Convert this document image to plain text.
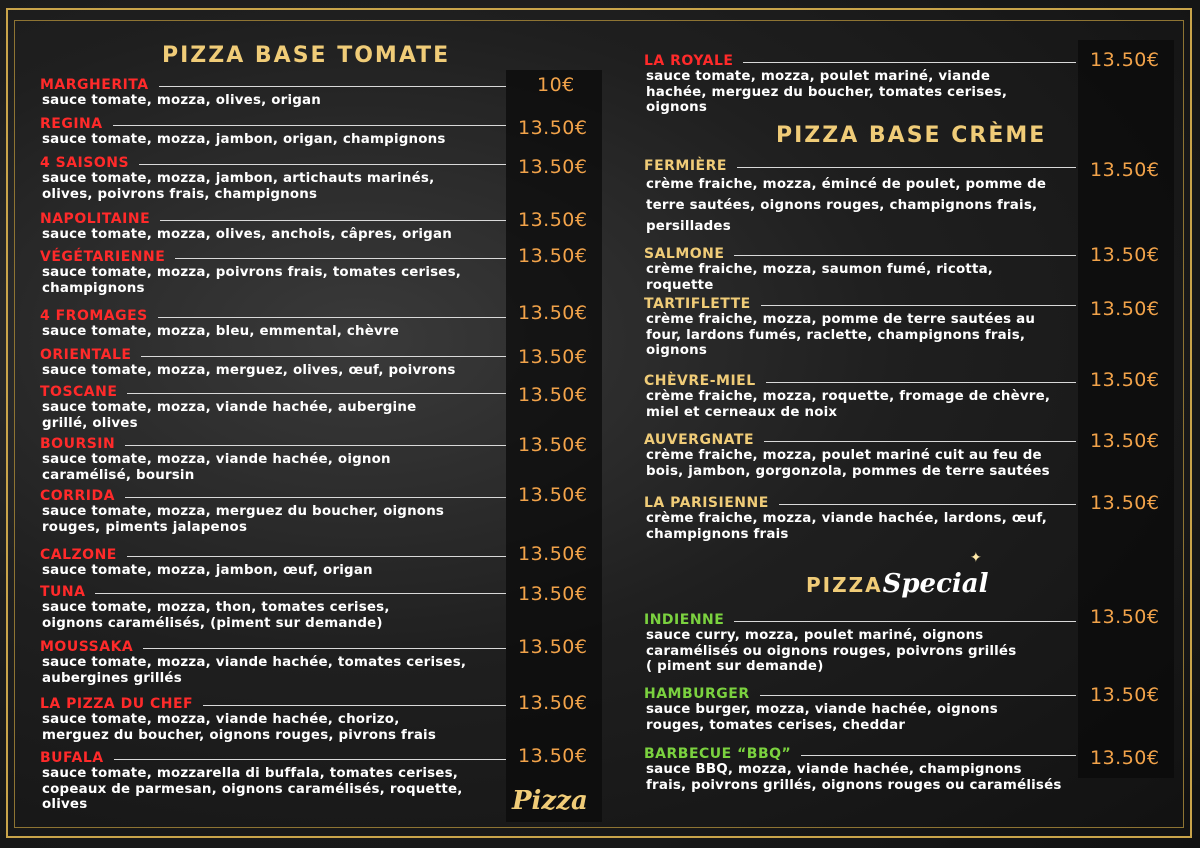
PIZZA BASE TOMATE
PIZZA BASE CRÈME
PIZZASpecial
✦
MARGHERITA
sauce tomate, mozza, olives, origan
10€
REGINA
sauce tomate, mozza, jambon, origan, champignons
13.50€
4 SAISONS
sauce tomate, mozza, jambon, artichauts marinés,
olives, poivrons frais, champignons
13.50€
NAPOLITAINE
sauce tomate, mozza, olives, anchois, câpres, origan
13.50€
VÉGÉTARIENNE
sauce tomate, mozza, poivrons frais, tomates cerises,
champignons
13.50€
4 FROMAGES
sauce tomate, mozza, bleu, emmental, chèvre
13.50€
ORIENTALE
sauce tomate, mozza, merguez, olives, œuf, poivrons
13.50€
TOSCANE
sauce tomate, mozza, viande hachée, aubergine
grillé, olives
13.50€
BOURSIN
sauce tomate, mozza, viande hachée, oignon
caramélisé, boursin
13.50€
CORRIDA
sauce tomate, mozza, merguez du boucher, oignons
rouges, piments jalapenos
13.50€
CALZONE
sauce tomate, mozza, jambon, œuf, origan
13.50€
TUNA
sauce tomate, mozza, thon, tomates cerises,
oignons caramélisés, (piment sur demande)
13.50€
MOUSSAKA
sauce tomate, mozza, viande hachée, tomates cerises,
aubergines grillés
13.50€
LA PIZZA DU CHEF
sauce tomate, mozza, viande hachée, chorizo,
merguez du boucher, oignons rouges, pivrons frais
13.50€
BUFALA
sauce tomate, mozzarella di buffala, tomates cerises,
copeaux de parmesan, oignons caramélisés, roquette,
olives
13.50€
LA ROYALE
sauce tomate, mozza, poulet mariné, viande
hachée, merguez du boucher, tomates cerises,
oignons
13.50€
FERMIÈRE
crème fraiche, mozza, émincé de poulet, pomme de
terre sautées, oignons rouges, champignons frais,
persillades
13.50€
SALMONE
crème fraiche, mozza, saumon fumé, ricotta,
roquette
13.50€
TARTIFLETTE
crème fraiche, mozza, pomme de terre sautées au
four, lardons fumés, raclette, champignons frais,
oignons
13.50€
CHÈVRE-MIEL
crème fraiche, mozza, roquette, fromage de chèvre,
miel et cerneaux de noix
13.50€
AUVERGNATE
crème fraiche, mozza, poulet mariné cuit au feu de
bois, jambon, gorgonzola, pommes de terre sautées
13.50€
LA PARISIENNE
crème fraiche, mozza, viande hachée, lardons, œuf,
champignons frais
13.50€
INDIENNE
sauce curry, mozza, poulet mariné, oignons
caramélisés ou oignons rouges, poivrons grillés
( piment sur demande)
13.50€
HAMBURGER
sauce burger, mozza, viande hachée, oignons
rouges, tomates cerises, cheddar
13.50€
BARBECUE “BBQ”
sauce BBQ, mozza, viande hachée, champignons
frais, poivrons grillés, oignons rouges ou caramélisés
13.50€
Pizza
